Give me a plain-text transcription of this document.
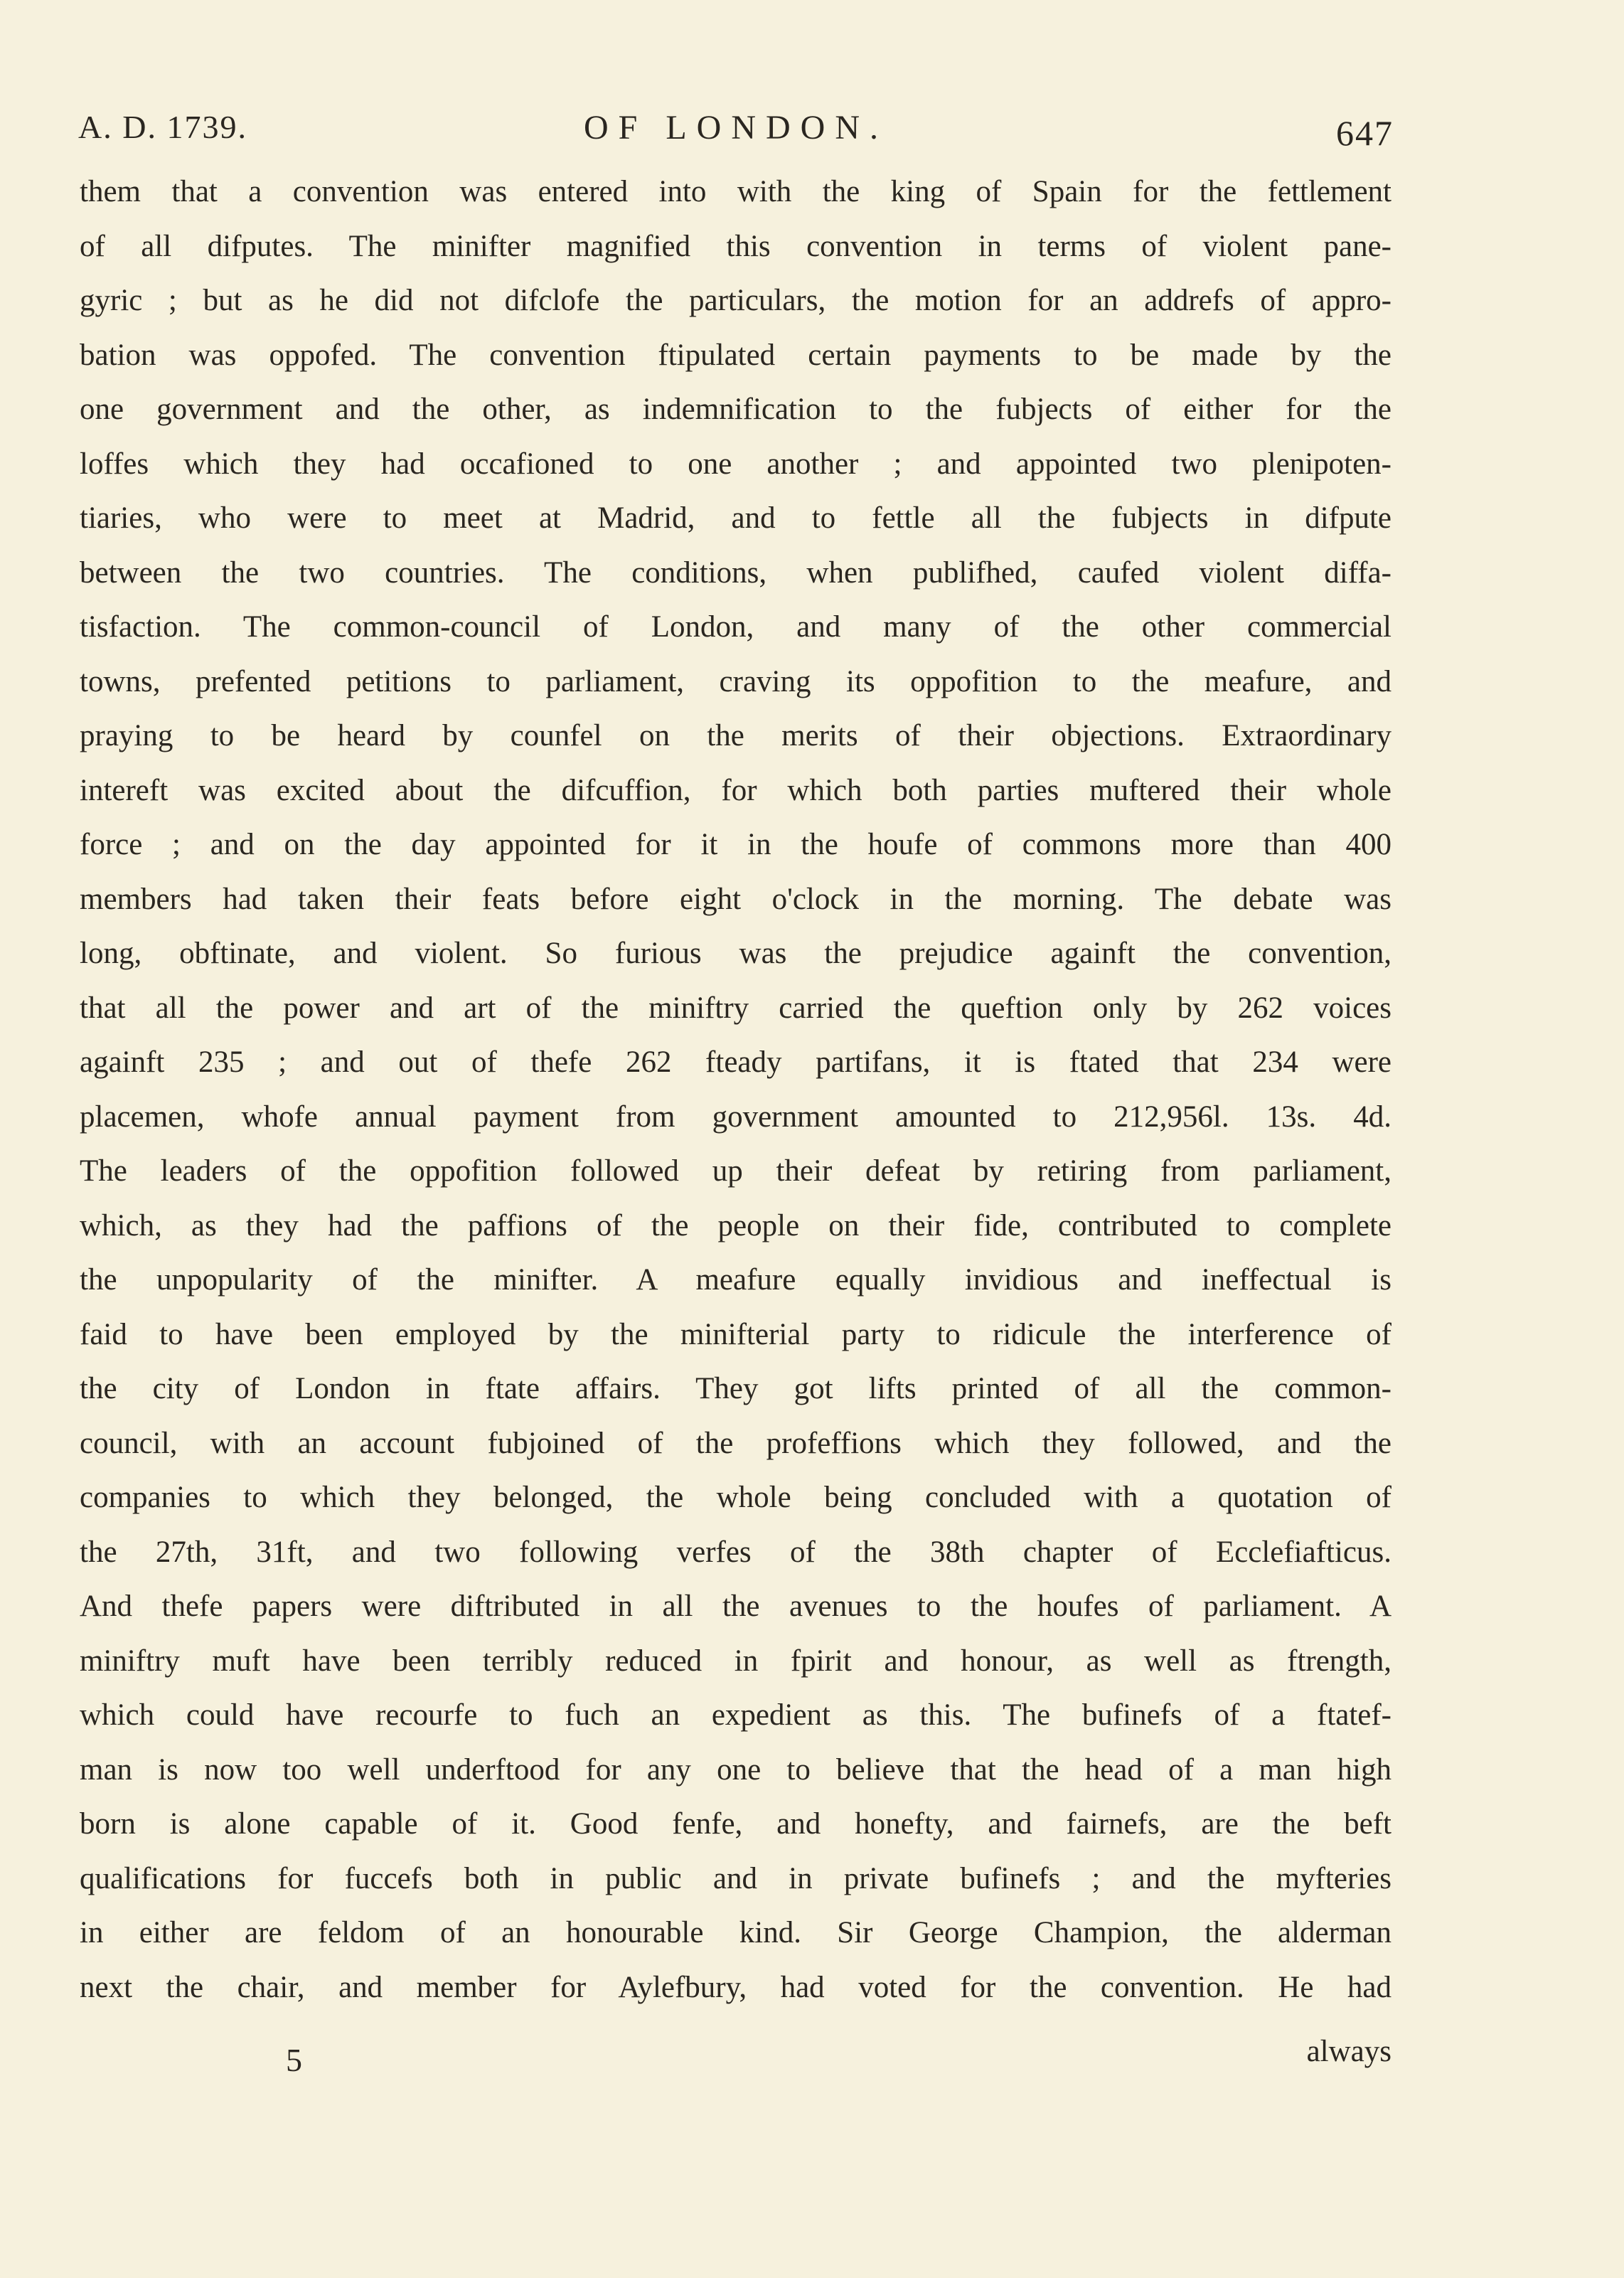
A. D. 1739.	OF LONDON.	647
them that a convention was entered into with the king of Spain for the fettlement
of all difputes. The minifter magnified this convention in terms of violent pane-
gyric ; but as he did not difclofe the particulars, the motion for an addrefs of appro-
bation was oppofed. The convention ftipulated certain payments to be made by the
one government and the other, as indemnification to the fubjects of either for the
loffes which they had occafioned to one another ; and appointed two plenipoten-
tiaries, who were to meet at Madrid, and to fettle all the fubjects in difpute
between the two countries. The conditions, when publifhed, caufed violent diffa-
tisfaction. The common-council of London, and many of the other commercial
towns, prefented petitions to parliament, craving its oppofition to the meafure, and
praying to be heard by counfel on the merits of their objections. Extraordinary
intereft was excited about the difcuffion, for which both parties muftered their whole
force ; and on the day appointed for it in the houfe of commons more than 400
members had taken their feats before eight o'clock in the morning. The debate was
long, obftinate, and violent. So furious was the prejudice againft the convention,
that all the power and art of the miniftry carried the queftion only by 262 voices
againft 235 ; and out of thefe 262 fteady partifans, it is ftated that 234 were
placemen, whofe annual payment from government amounted to 212,956l. 13s. 4d.
The leaders of the oppofition followed up their defeat by retiring from parliament,
which, as they had the paffions of the people on their fide, contributed to complete
the unpopularity of the minifter. A meafure equally invidious and ineffectual is
faid to have been employed by the minifterial party to ridicule the interference of
the city of London in ftate affairs. They got lifts printed of all the common-
council, with an account fubjoined of the profeffions which they followed, and the
companies to which they belonged, the whole being concluded with a quotation of
the 27th, 31ft, and two following verfes of the 38th chapter of Ecclefiafticus.
And thefe papers were diftributed in all the avenues to the houfes of parliament. A
miniftry muft have been terribly reduced in fpirit and honour, as well as ftrength,
which could have recourfe to fuch an expedient as this. The bufinefs of a ftatef-
man is now too well underftood for any one to believe that the head of a man high
born is alone capable of it. Good fenfe, and honefty, and fairnefs, are the beft
qualifications for fuccefs both in public and in private bufinefs ; and the myfteries
in either are feldom of an honourable kind. Sir George Champion, the alderman
next the chair, and member for Aylefbury, had voted for the convention. He had
5	always
